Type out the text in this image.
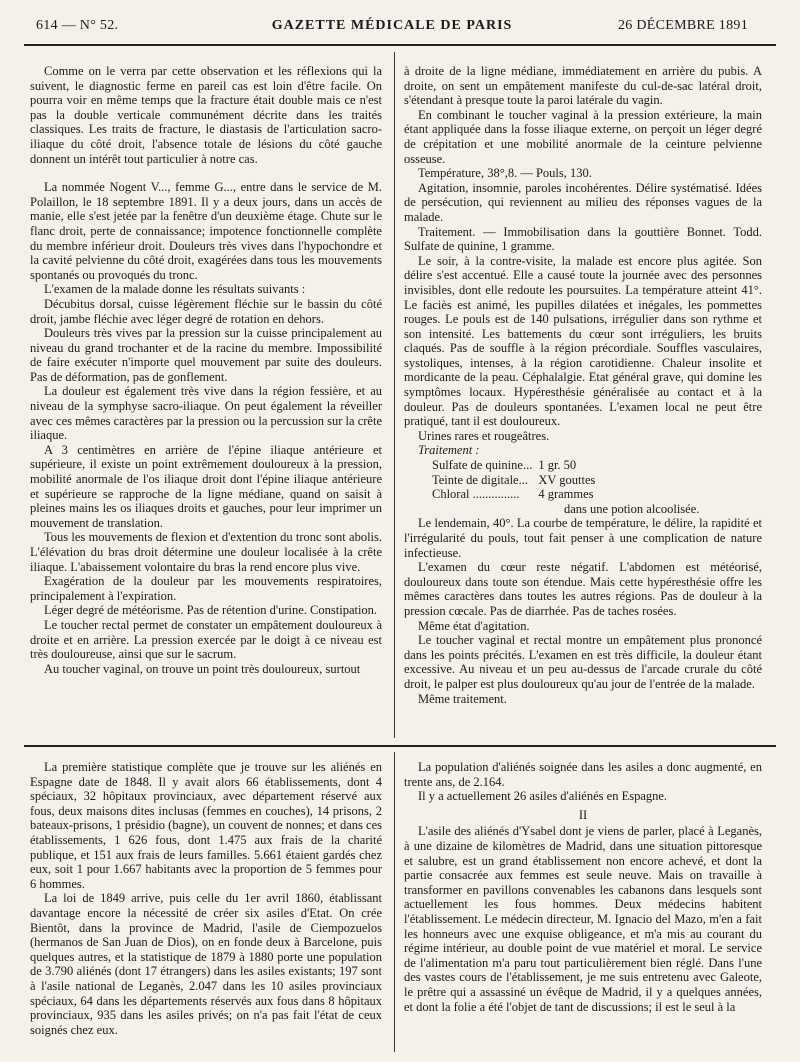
614 — N° 52.	GAZETTE MÉDICALE DE PARIS	26 DÉCEMBRE 1891

Comme on le verra par cette observation et les réflexions qui la suivent, le diagnostic ferme en pareil cas est loin d'être facile. On pourra voir en même temps que la fracture était double mais ce n'est pas la double verticale communément décrite dans les traités classiques. Les traits de fracture, le diastasis de l'articulation sacro-iliaque du côté droit, l'absence totale de lésions du côté gauche donnent un intérêt tout particulier à notre cas.

La nommée Nogent V..., femme G..., entre dans le service de M. Polaillon, le 18 septembre 1891. Il y a deux jours, dans un accès de manie, elle s'est jetée par la fenêtre d'un deuxième étage. Chute sur le flanc droit, perte de connaissance; impotence fonctionnelle complète du membre inférieur droit. Douleurs très vives dans l'hypochondre et la cavité pelvienne du côté droit, exagérées dans tous les mouvements spontanés ou provoqués du tronc.

L'examen de la malade donne les résultats suivants :

Décubitus dorsal, cuisse légèrement fléchie sur le bassin du côté droit, jambe fléchie avec léger degré de rotation en dehors.

Douleurs très vives par la pression sur la cuisse principalement au niveau du grand trochanter et de la racine du membre. Impossibilité de faire exécuter n'importe quel mouvement par suite des douleurs. Pas de déformation, pas de gonflement.

La douleur est également très vive dans la région fessière, et au niveau de la symphyse sacro-iliaque. On peut également la réveiller avec ces mêmes caractères par la pression ou la percussion sur la crête iliaque.

A 3 centimètres en arrière de l'épine iliaque antérieure et supérieure, il existe un point extrêmement douloureux à la pression, mobilité anormale de l'os iliaque droit dont l'épine iliaque antérieure et supérieure se rapproche de la ligne médiane, quand on saisit à pleines mains les os iliaques droits et gauches, pour leur imprimer un mouvement de translation.

Tous les mouvements de flexion et d'extention du tronc sont abolis. L'élévation du bras droit détermine une douleur localisée à la crête iliaque. L'abaissement volontaire du bras la rend encore plus vive.

Exagération de la douleur par les mouvements respiratoires, principalement à l'expiration.

Léger degré de météorisme. Pas de rétention d'urine. Constipation.

Le toucher rectal permet de constater un empâtement douloureux à droite et en arrière. La pression exercée par le doigt à ce niveau est très douloureuse, ainsi que sur le sacrum.

Au toucher vaginal, on trouve un point très douloureux, surtout

à droite de la ligne médiane, immédiatement en arrière du pubis. A droite, on sent un empâtement manifeste du cul-de-sac latéral droit, s'étendant à presque toute la paroi latérale du vagin.

En combinant le toucher vaginal à la pression extérieure, la main étant appliquée dans la fosse iliaque externe, on perçoit un léger degré de crépitation et une mobilité anormale de la ceinture pelvienne osseuse.

Température, 38°,8. — Pouls, 130.

Agitation, insomnie, paroles incohérentes. Délire systématisé. Idées de persécution, qui reviennent au milieu des réponses vagues de la malade.

Traitement. — Immobilisation dans la gouttière Bonnet. Todd. Sulfate de quinine, 1 gramme.

Le soir, à la contre-visite, la malade est encore plus agitée. Son délire s'est accentué. Elle a causé toute la journée avec des personnes invisibles, dont elle redoute les poursuites. La température atteint 41°. Le faciès est animé, les pupilles dilatées et inégales, les pommettes rouges. Le pouls est de 140 pulsations, irrégulier dans son rythme et son intensité. Les battements du cœur sont irréguliers, les bruits claqués. Pas de souffle à la région précordiale. Souffles vasculaires, systoliques, intenses, à la région carotidienne. Chaleur insolite et mordicante de la peau. Céphalalgie. Etat général grave, qui domine les symptômes locaux. Hypéresthésie généralisée au contact et à la douleur. Pas de douleurs spontanées. L'examen local ne peut être pratiqué, tant il est douloureux.

Urines rares et rougeâtres.

Traitement :

Sulfate de quinine...	1 gr. 50
Teinte de digitale...	XV gouttes
Chloral ...............	4 grammes

dans une potion alcoolisée.

Le lendemain, 40°. La courbe de température, le délire, la rapidité et l'irrégularité du pouls, tout fait penser à une complication de nature infectieuse.

L'examen du cœur reste négatif. L'abdomen est météorisé, douloureux dans toute son étendue. Mais cette hypéresthésie offre les mêmes caractères dans toutes les autres régions. Pas de douleur à la pression cœcale. Pas de diarrhée. Pas de taches rosées.

Même état d'agitation.

Le toucher vaginal et rectal montre un empâtement plus prononcé dans les points précités. L'examen en est très difficile, la douleur étant excessive. Au niveau et un peu au-dessus de l'arcade crurale du côté droit, le palper est plus douloureux qu'au jour de l'entrée de la malade.

Même traitement.

La première statistique complète que je trouve sur les aliénés en Espagne date de 1848. Il y avait alors 66 établissements, dont 4 spéciaux, 32 hôpitaux provinciaux, avec département réservé aux fous, deux maisons dites inclusas (femmes en couches), 14 prisons, 2 bateaux-prisons, 1 présidio (bagne), un couvent de nonnes; et dans ces établissements, 1 626 fous, dont 1.475 aux frais de la charité publique, et 151 aux frais de leurs familles. 5.661 étaient gardés chez eux, soit 1 pour 1.667 habitants avec la proportion de 5 femmes pour 6 hommes.

La loi de 1849 arrive, puis celle du 1er avril 1860, établissant davantage encore la nécessité de créer six asiles d'Etat. On crée Bientôt, dans la province de Madrid, l'asile de Ciempozuelos (hermanos de San Juan de Dios), on en fonde deux à Barcelone, puis quelques autres, et la statistique de 1879 à 1880 porte une population de 3.790 aliénés (dont 17 étrangers) dans les asiles existants; 197 sont à l'asile national de Leganès, 2.047 dans les 10 asiles provinciaux spéciaux, 64 dans les départements réservés aux fous dans 8 hôpitaux provinciaux, 935 dans les asiles privés; on n'a pas fait l'état de ceux soignés chez eux.

La population d'aliénés soignée dans les asiles a donc augmenté, en trente ans, de 2.164.

Il y a actuellement 26 asiles d'aliénés en Espagne.

II

L'asile des aliénés d'Ysabel dont je viens de parler, placé à Leganès, à une dizaine de kilomètres de Madrid, dans une situation pittoresque et salubre, est un grand établissement non encore achevé, et dont la partie consacrée aux femmes est seule neuve. Mais on travaille à transformer en pavillons convenables les cabanons dans lesquels sont actuellement les fous hommes. Deux médecins habitent l'établissement. Le médecin directeur, M. Ignacio del Mazo, m'en a fait les honneurs avec une exquise obligeance, et m'a mis au courant du régime intérieur, au double point de vue matériel et moral. Le service de l'alimentation m'a paru tout particulièrement bien réglé. Dans l'une des vastes cours de l'établissement, je me suis entretenu avec Galeote, le prêtre qui a assassiné un évêque de Madrid, il y a quelques années, et dont la folie a été l'objet de tant de discussions; il est le seul à la
